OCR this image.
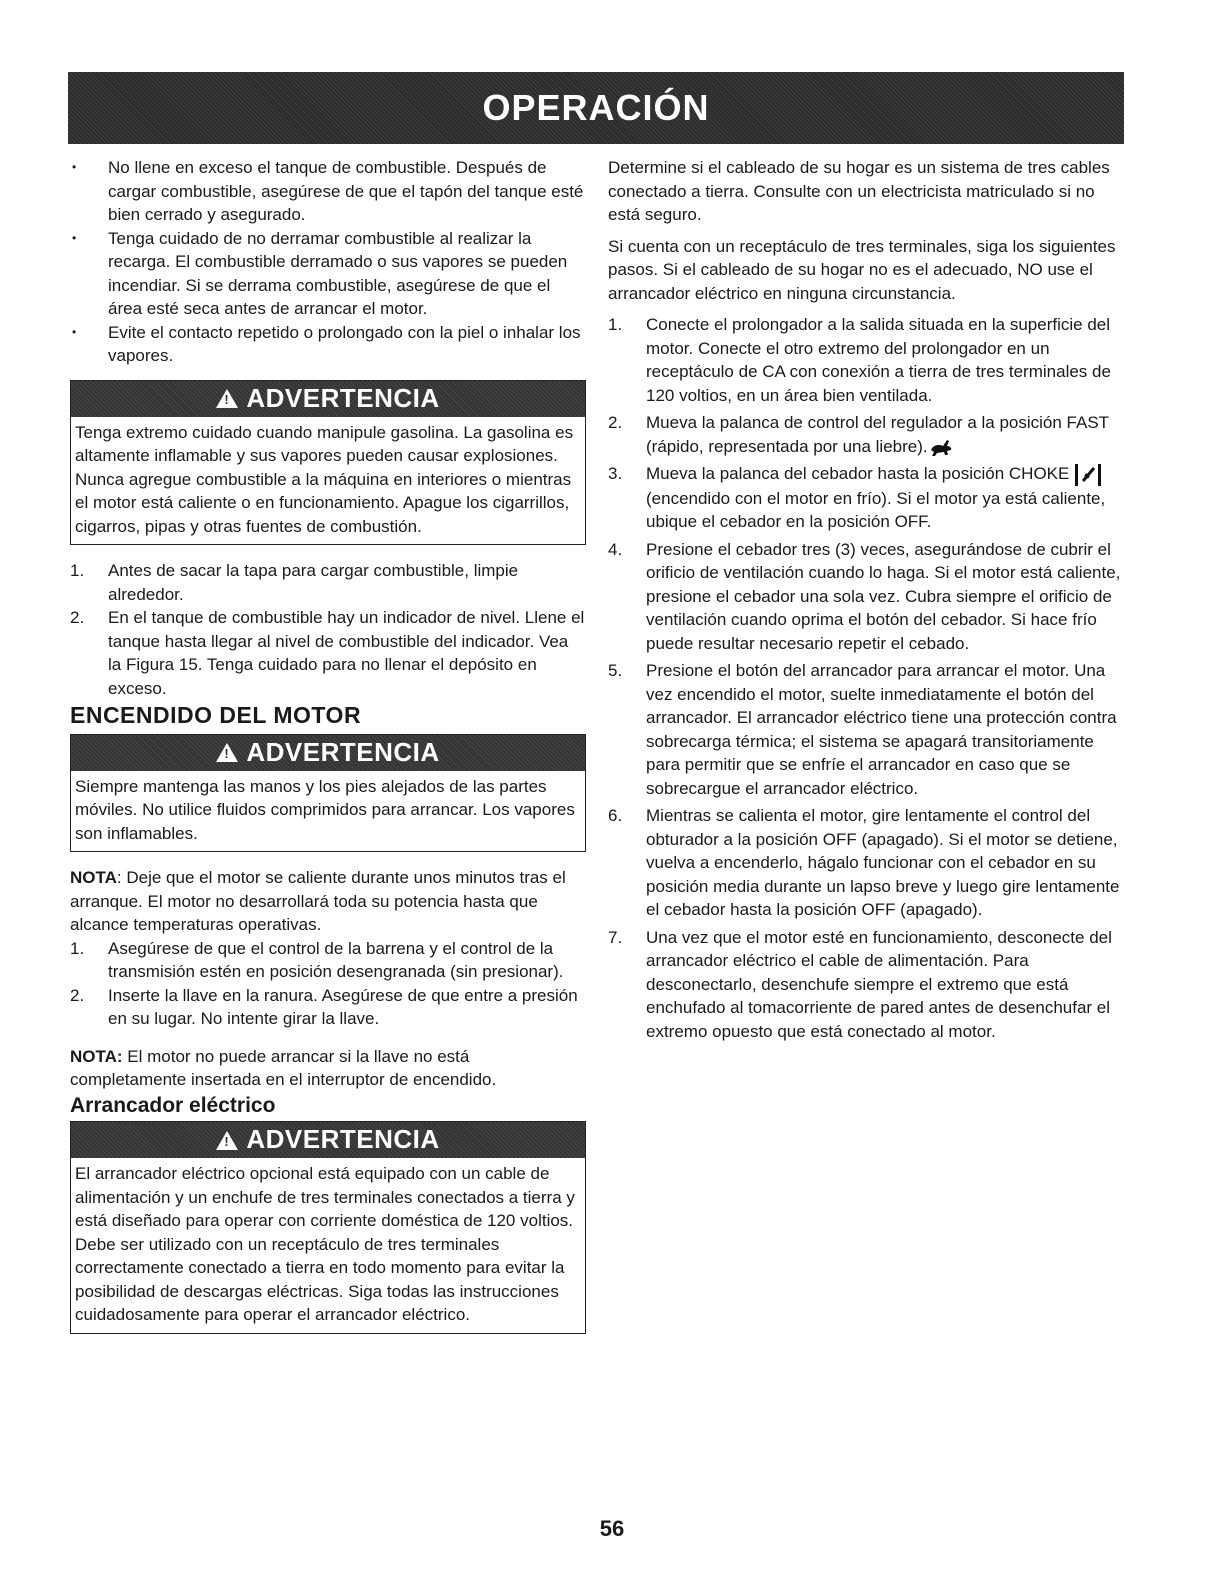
OPERACIÓN
• No llene en exceso el tanque de combustible. Después de cargar combustible, asegúrese de que el tapón del tanque esté bien cerrado y asegurado.
• Tenga cuidado de no derramar combustible al realizar la recarga. El combustible derramado o sus vapores se pueden incendiar. Si se derrama combustible, asegúrese de que el área esté seca antes de arrancar el motor.
• Evite el contacto repetido o prolongado con la piel o inhalar los vapores.
!
ADVERTENCIA
Tenga extremo cuidado cuando manipule gasolina. La gasolina es altamente inflamable y sus vapores pueden causar explosiones. Nunca agregue combustible a la máquina en interiores o mientras el motor está caliente o en funcionamiento. Apague los cigarrillos, cigarros, pipas y otras fuentes de combustión.
1.	Antes de sacar la tapa para cargar combustible, limpie alrededor.
2.	En el tanque de combustible hay un indicador de nivel. Llene el tanque hasta llegar al nivel de combustible del indicador. Vea la Figura 15. Tenga cuidado para no llenar el depósito en exceso.
ENCENDIDO DEL MOTOR
!
ADVERTENCIA
Siempre mantenga las manos y los pies alejados de las partes móviles. No utilice fluidos comprimidos para arrancar. Los vapores son inflamables.

NOTA: Deje que el motor se caliente durante unos minutos tras el arranque. El motor no desarrollará toda su potencia hasta que alcance temperaturas operativas.

1.	Asegúrese de que el control de la barrena y el control de la transmisión estén en posición desengranada (sin presionar).
2.	Inserte la llave en la ranura. Asegúrese de que entre a presión en su lugar. No intente girar la llave.

NOTA: El motor no puede arrancar si la llave no está completamente insertada en el interruptor de encendido.

Arrancador eléctrico
!
ADVERTENCIA
El arrancador eléctrico opcional está equipado con un cable de alimentación y un enchufe de tres terminales conectados a tierra y está diseñado para operar con corriente doméstica de 120 voltios. Debe ser utilizado con un receptáculo de tres terminales correctamente conectado a tierra en todo momento para evitar la posibilidad de descargas eléctricas. Siga todas las instrucciones cuidadosamente para operar el arrancador eléctrico.

Determine si el cableado de su hogar es un sistema de tres cables conectado a tierra. Consulte con un electricista matriculado si no está seguro.

Si cuenta con un receptáculo de tres terminales, siga los siguientes pasos. Si el cableado de su hogar no es el adecuado, NO use el arrancador eléctrico en ninguna circunstancia.

1.	Conecte el prolongador a la salida situada en la superficie del motor. Conecte el otro extremo del prolongador en un receptáculo de CA con conexión a tierra de tres terminales de 120 voltios, en un área bien ventilada.
2.	Mueva la palanca de control del regulador a la posición FAST (rápido, representada por una liebre).
3.	Mueva la palanca del cebador hasta la posición CHOKE  (encendido con el motor en frío). Si el motor ya está caliente, ubique el cebador en la posición OFF.
4.	Presione el cebador tres (3) veces, asegurándose de cubrir el orificio de ventilación cuando lo haga. Si el motor está caliente, presione el cebador una sola vez. Cubra siempre el orificio de ventilación cuando oprima el botón del cebador. Si hace frío puede resultar necesario repetir el cebado.
5.	Presione el botón del arrancador para arrancar el motor. Una vez encendido el motor, suelte inmediatamente el botón del arrancador. El arrancador eléctrico tiene una protección contra sobrecarga térmica; el sistema se apagará transitoriamente para permitir que se enfríe el arrancador en caso que se sobrecargue el arrancador eléctrico.
6.	Mientras se calienta el motor, gire lentamente el control del obturador a la posición OFF (apagado). Si el motor se detiene, vuelva a encenderlo, hágalo funcionar con el cebador en su posición media durante un lapso breve y luego gire lentamente el cebador hasta la posición OFF (apagado).
7.	Una vez que el motor esté en funcionamiento, desconecte del arrancador eléctrico el cable de alimentación. Para desconectarlo, desenchufe siempre el extremo que está enchufado al tomacorriente de pared antes de desenchufar el extremo opuesto que está conectado al motor.
56
